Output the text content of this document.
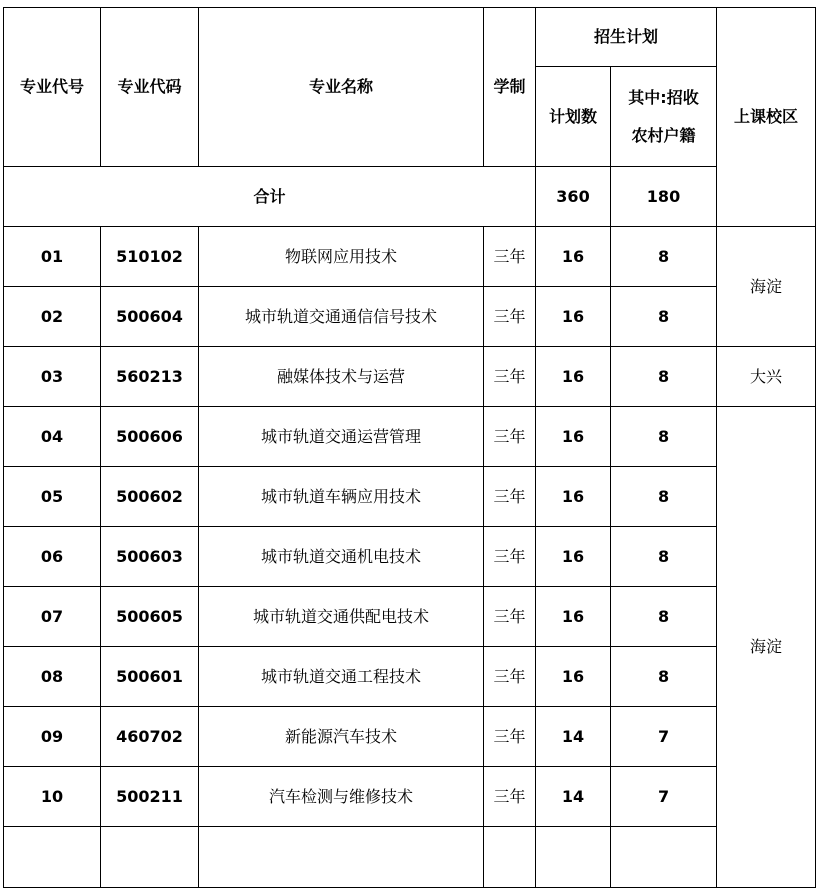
专业代号	专业代码	专业名称	学制	招生计划		上课校区
				计划数	其中:招收
农村户籍	
合计				360	180	
01	510102	物联网应用技术	三年	16	8	海淀
02	500604	城市轨道交通通信信号技术	三年	16	8	
03	560213	融媒体技术与运营	三年	16	8	大兴
04	500606	城市轨道交通运营管理	三年	16	8	海淀
05	500602	城市轨道车辆应用技术	三年	16	8	
06	500603	城市轨道交通机电技术	三年	16	8	
07	500605	城市轨道交通供配电技术	三年	16	8	
08	500601	城市轨道交通工程技术	三年	16	8	
09	460702	新能源汽车技术	三年	14	7	
10	500211	汽车检测与维修技术	三年	14	7	
